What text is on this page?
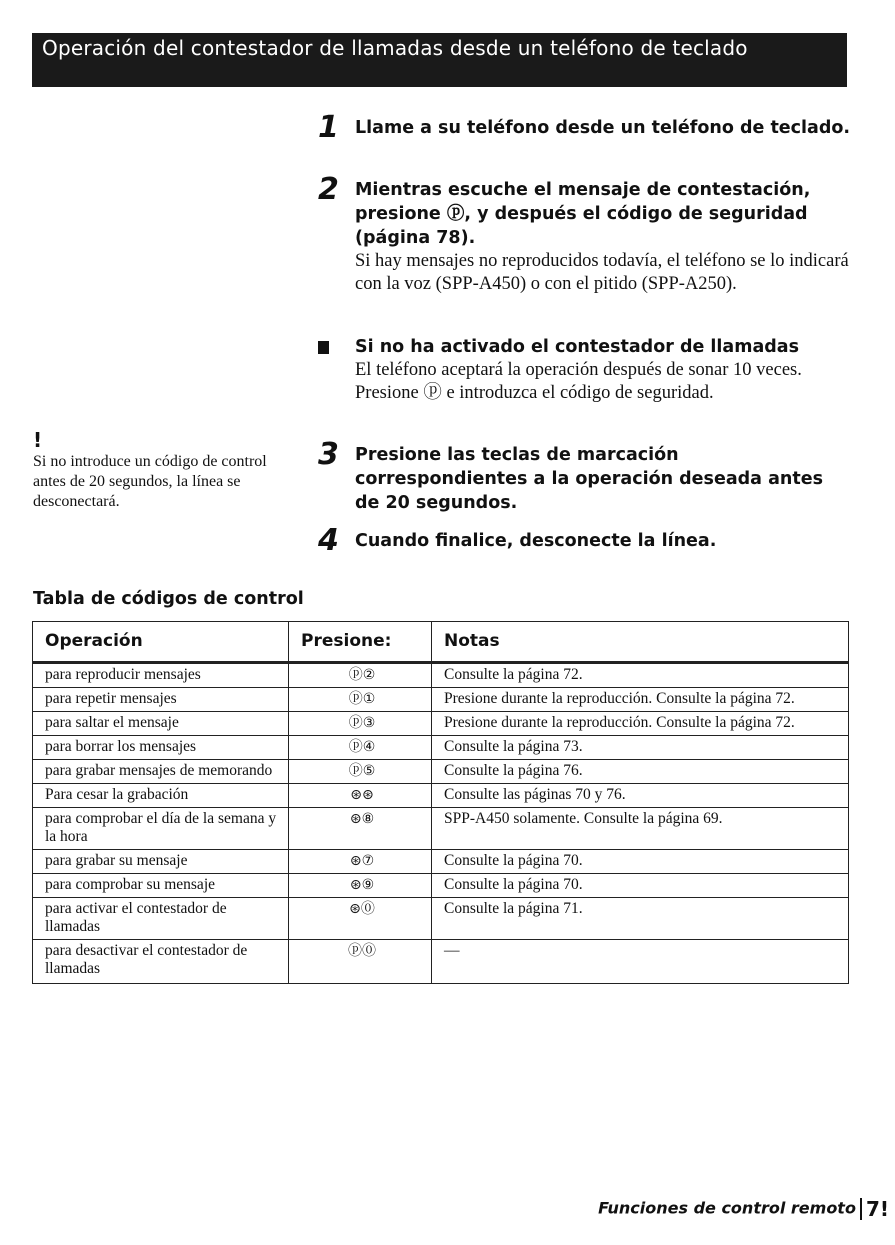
Operación del contestador de llamadas desde un teléfono de teclado
1 Llame a su teléfono desde un teléfono de teclado.
2 Mientras escuche el mensaje de contestación, presione ⓟ, y después el código de seguridad (página 78).
Si hay mensajes no reproducidos todavía, el teléfono se lo indicará con la voz (SPP-A450) o con el pitido (SPP-A250).
Si no ha activado el contestador de llamadas
El teléfono aceptará la operación después de sonar 10 veces. Presione ⓟ e introduzca el código de seguridad.
3 Presione las teclas de marcación correspondientes a la operación deseada antes de 20 segundos.
4 Cuando finalice, desconecte la línea.
!
Si no introduce un código de control antes de 20 segundos, la línea se desconectará.
Tabla de códigos de control
Operación	Presione:	Notas
para reproducir mensajes	ⓟ②	Consulte la página 72.
para repetir mensajes	ⓟ①	Presione durante la reproducción. Consulte la página 72.
para saltar el mensaje	ⓟ③	Presione durante la reproducción. Consulte la página 72.
para borrar los mensajes	ⓟ④	Consulte la página 73.
para grabar mensajes de memorando	ⓟ⑤	Consulte la página 76.
Para cesar la grabación	⊛⊛	Consulte las páginas 70 y 76.
para comprobar el día de la semana y la hora	⊛⑧	SPP-A450 solamente. Consulte la página 69.
para grabar su mensaje	⊛⑦	Consulte la página 70.
para comprobar su mensaje	⊛⑨	Consulte la página 70.
para activar el contestador de llamadas	⊛⓪	Consulte la página 71.
para desactivar el contestador de llamadas	ⓟ⓪	—
Funciones de control remoto 7!
